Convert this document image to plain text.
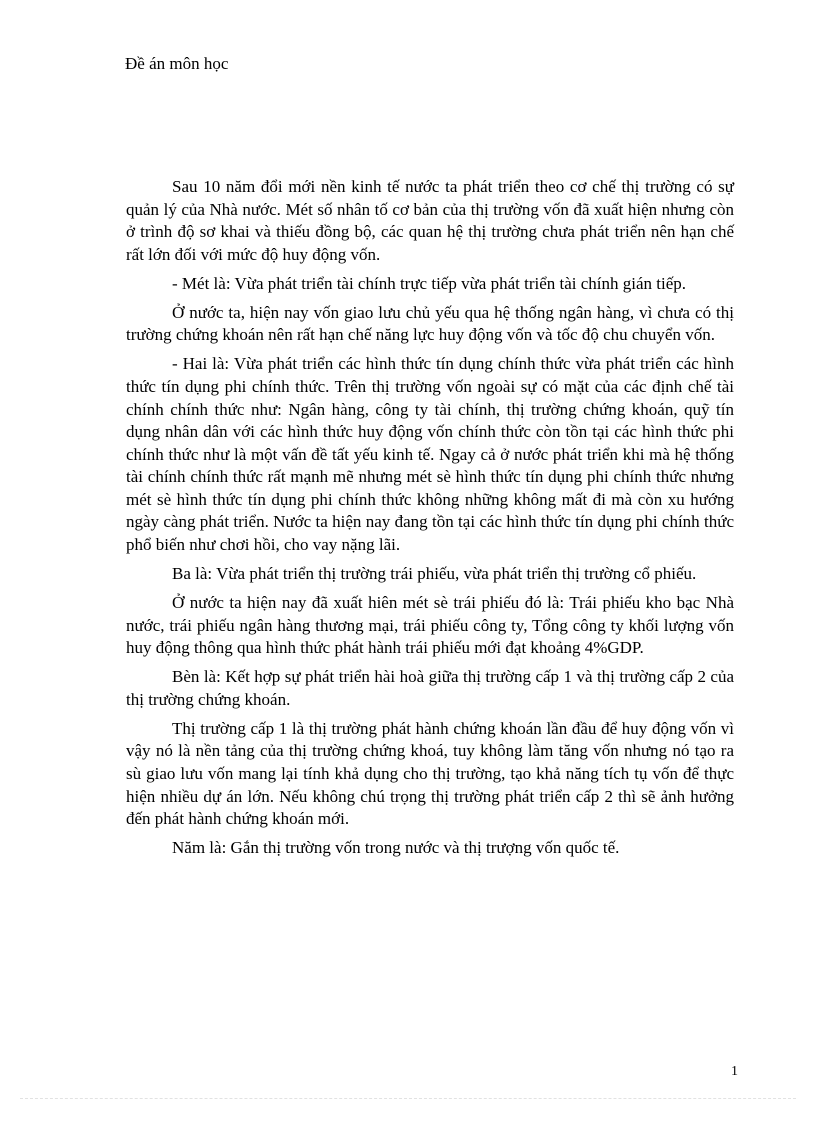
Đề án môn học

Sau 10 năm đổi mới nền kinh tế nước ta phát triển theo cơ chế thị trường có sự quản lý của Nhà nước. Mét số nhân tố cơ bản của thị trường vốn đã xuất hiện nhưng còn ở trình độ sơ khai và thiếu đồng bộ, các quan hệ thị trường chưa phát triển nên hạn chế rất lớn đối với mức độ huy động vốn.

- Mét là: Vừa phát triển tài chính trực tiếp vừa phát triển tài chính gián tiếp.

Ở nước ta, hiện nay vốn giao lưu chủ yếu qua hệ thống ngân hàng, vì chưa có thị trường chứng khoán nên rất hạn chế năng lực huy động vốn và tốc độ chu chuyển vốn.

- Hai là: Vừa phát triển các hình thức tín dụng chính thức vừa phát triển các hình thức tín dụng phi chính thức. Trên thị trường vốn ngoài sự có mặt của các định chế tài chính chính thức như: Ngân hàng, công ty tài chính, thị trường chứng khoán, quỹ tín dụng nhân dân với các hình thức huy động vốn chính thức còn tồn tại các hình thức phi chính thức như là một vấn đề tất yếu kinh tế. Ngay cả ở nước phát triển khi mà hệ thống tài chính chính thức rất mạnh mẽ nhưng mét sè hình thức tín dụng phi chính thức nhưng mét sè hình thức tín dụng phi chính thức không những không mất đi mà còn xu hướng ngày càng phát triển. Nước ta hiện nay đang tồn tại các hình thức tín dụng phi chính thức phổ biến như chơi hồi, cho vay nặng lãi.

Ba là: Vừa phát triển thị trường trái phiếu, vừa phát triển thị trường cổ phiếu.

Ở nước ta hiện nay đã xuất hiên mét sè trái phiếu đó là: Trái phiếu kho bạc Nhà nước, trái phiếu ngân hàng thương mại, trái phiếu công ty, Tổng công ty khối lượng vốn huy động thông qua hình thức phát hành trái phiếu mới đạt khoảng 4%GDP.

Bèn là: Kết hợp sự phát triển hài hoà giữa thị trường cấp 1 và thị trường cấp 2 của thị trường chứng khoán.

Thị trường cấp 1 là thị trường phát hành chứng khoán lần đầu để huy động vốn vì vậy nó là nền tảng của thị trường chứng khoá, tuy không làm tăng vốn nhưng nó tạo ra sù giao lưu vốn mang lại tính khả dụng cho thị trường, tạo khả năng tích tụ vốn để thực hiện nhiều dự án lớn. Nếu không chú trọng thị trường phát triển cấp 2 thì sẽ ảnh hưởng đến phát hành chứng khoán mới.

Năm là: Gắn thị trường vốn trong nước và thị trượng vốn quốc tế.

1
